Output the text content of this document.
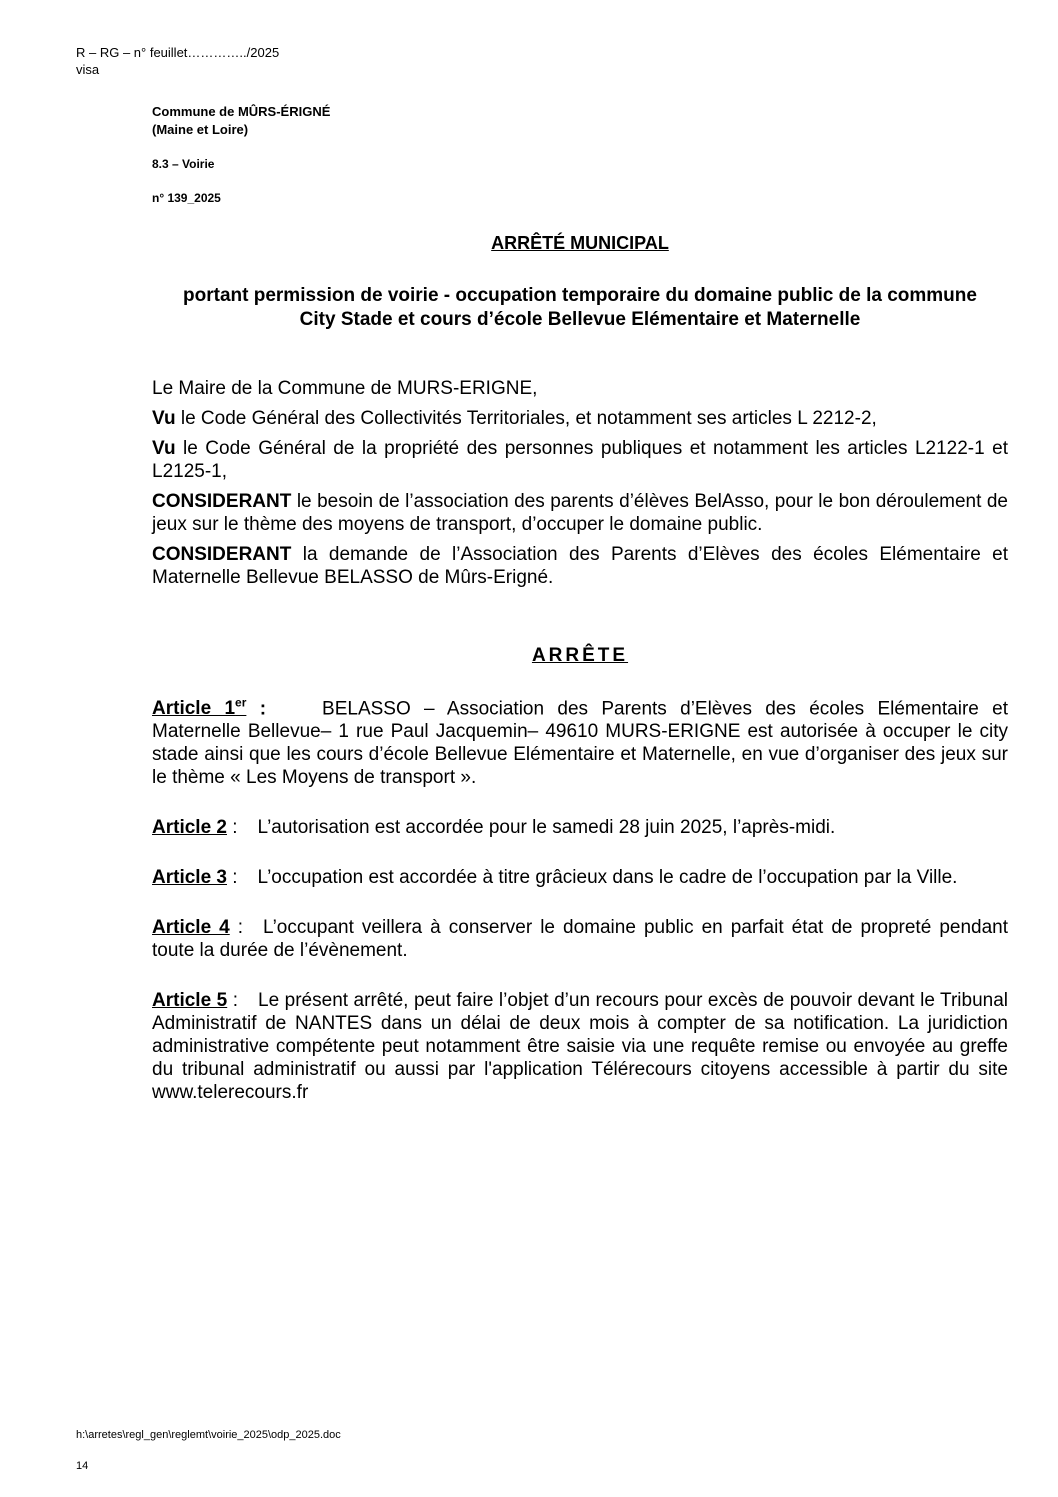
R – RG – n° feuillet…………../2025
visa
Commune de MÛRS-ÉRIGNÉ
(Maine et Loire)
8.3 – Voirie
n° 139_2025
ARRÊTÉ MUNICIPAL
portant permission de voirie - occupation temporaire du domaine public de la commune
City Stade et cours d’école Bellevue Elémentaire et Maternelle

Le Maire de la Commune de MURS-ERIGNE,

Vu le Code Général des Collectivités Territoriales, et notamment ses articles L 2212-2,

Vu le Code Général de la propriété des personnes publiques et notamment les articles L2122-1 et L2125-1,

CONSIDERANT le besoin de l’association des parents d’élèves BelAsso, pour le bon déroulement de jeux sur le thème des moyens de transport, d’occuper le domaine public.

CONSIDERANT la demande de l’Association des Parents d’Elèves des écoles Elémentaire et Maternelle Bellevue BELASSO de Mûrs-Erigné.

ARRÊTE

Article 1er :	BELASSO – Association des Parents d’Elèves des écoles Elémentaire et Maternelle Bellevue– 1 rue Paul Jacquemin– 49610 MURS-ERIGNE est autorisée à occuper le city stade ainsi que les cours d’école Bellevue Elémentaire et Maternelle, en vue d’organiser des jeux sur le thème « Les Moyens de transport ».

Article 2 : L’autorisation est accordée pour le samedi 28 juin 2025, l’après-midi.

Article 3 : L’occupation est accordée à titre grâcieux dans le cadre de l’occupation par la Ville.

Article 4 : L’occupant veillera à conserver le domaine public en parfait état de propreté pendant toute la durée de l’évènement.

Article 5 : Le présent arrêté, peut faire l’objet d’un recours pour excès de pouvoir devant le Tribunal Administratif de NANTES dans un délai de deux mois à compter de sa notification. La juridiction administrative compétente peut notamment être saisie via une requête remise ou envoyée au greffe du tribunal administratif ou aussi par l'application Télérecours citoyens accessible à partir du site www.telerecours.fr

h:\arretes\regl_gen\reglemt\voirie_2025\odp_2025.doc
14
